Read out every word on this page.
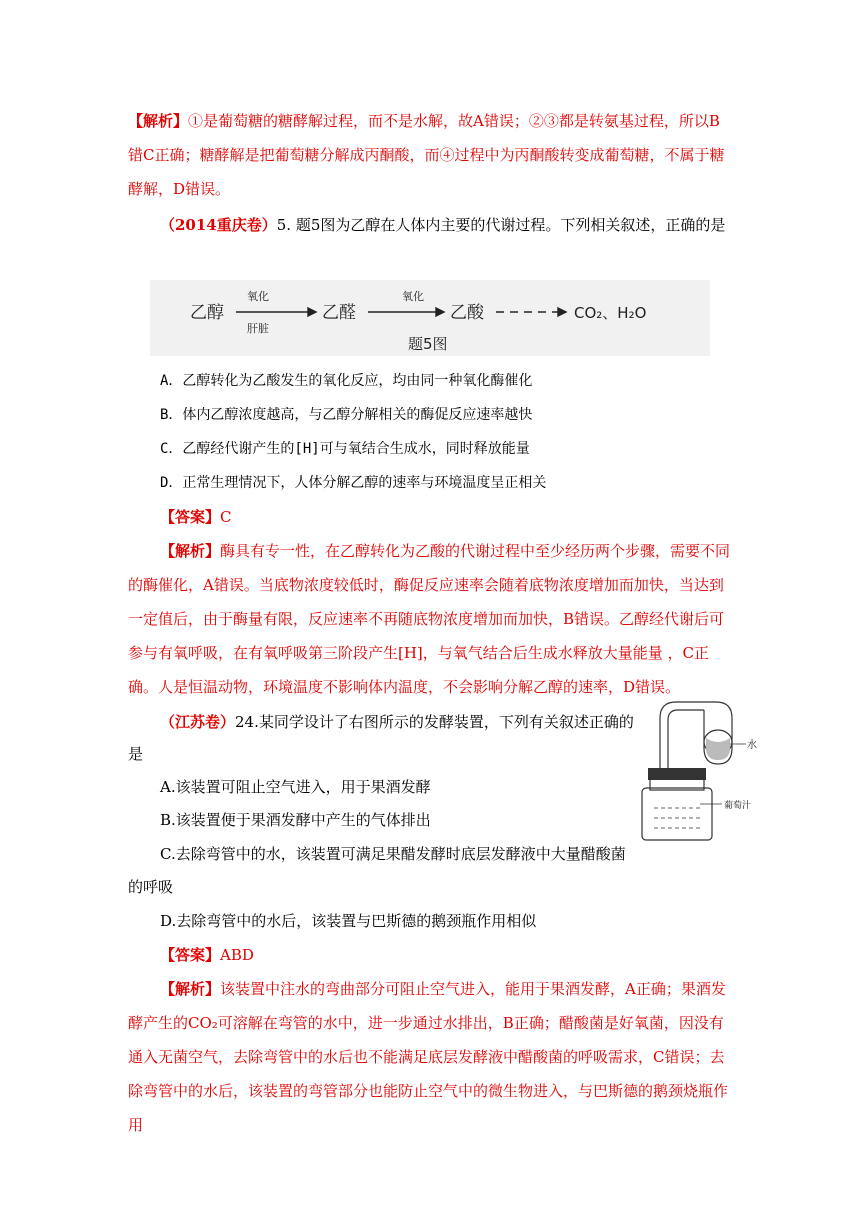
【解析】①是葡萄糖的糖酵解过程，而不是水解，故A错误；②③都是转氨基过程，所以B错C正确；糖酵解是把葡萄糖分解成丙酮酸，而④过程中为丙酮酸转变成葡萄糖，不属于糖酵解，D错误。

（2014重庆卷）5. 题5图为乙醇在人体内主要的代谢过程。下列相关叙述，正确的是

乙醇
氧化
肝脏
乙醛
氧化
乙酸	CO₂、H₂O
题5图

A．乙醇转化为乙酸发生的氧化反应，均由同一种氧化酶催化

B．体内乙醇浓度越高，与乙醇分解相关的酶促反应速率越快

C．乙醇经代谢产生的[H]可与氧结合生成水，同时释放能量

D．正常生理情况下，人体分解乙醇的速率与环境温度呈正相关

【答案】C

【解析】酶具有专一性，在乙醇转化为乙酸的代谢过程中至少经历两个步骤，需要不同的酶催化，A错误。当底物浓度较低时，酶促反应速率会随着底物浓度增加而加快，当达到一定值后，由于酶量有限，反应速率不再随底物浓度增加而加快，B错误。乙醇经代谢后可参与有氧呼吸，在有氧呼吸第三阶段产生[H]，与氧气结合后生成水释放大量能量 ，C正确。人是恒温动物，环境温度不影响体内温度，不会影响分解乙醇的速率，D错误。

（江苏卷）24.某同学设计了右图所示的发酵装置，下列有关叙述正确的

是	水
葡萄汁

A.该装置可阻止空气进入，用于果酒发酵

B.该装置便于果酒发酵中产生的气体排出

C.去除弯管中的水，该装置可满足果醋发酵时底层发酵液中大量醋酸菌

的呼吸

D.去除弯管中的水后，该装置与巴斯德的鹅颈瓶作用相似

【答案】ABD

【解析】该装置中注水的弯曲部分可阻止空气进入，能用于果酒发酵，A正确；果酒发酵产生的CO₂可溶解在弯管的水中，进一步通过水排出，B正确；醋酸菌是好氧菌，因没有通入无菌空气，去除弯管中的水后也不能满足底层发酵液中醋酸菌的呼吸需求，C错误；去除弯管中的水后，该装置的弯管部分也能防止空气中的微生物进入，与巴斯德的鹅颈烧瓶作用
